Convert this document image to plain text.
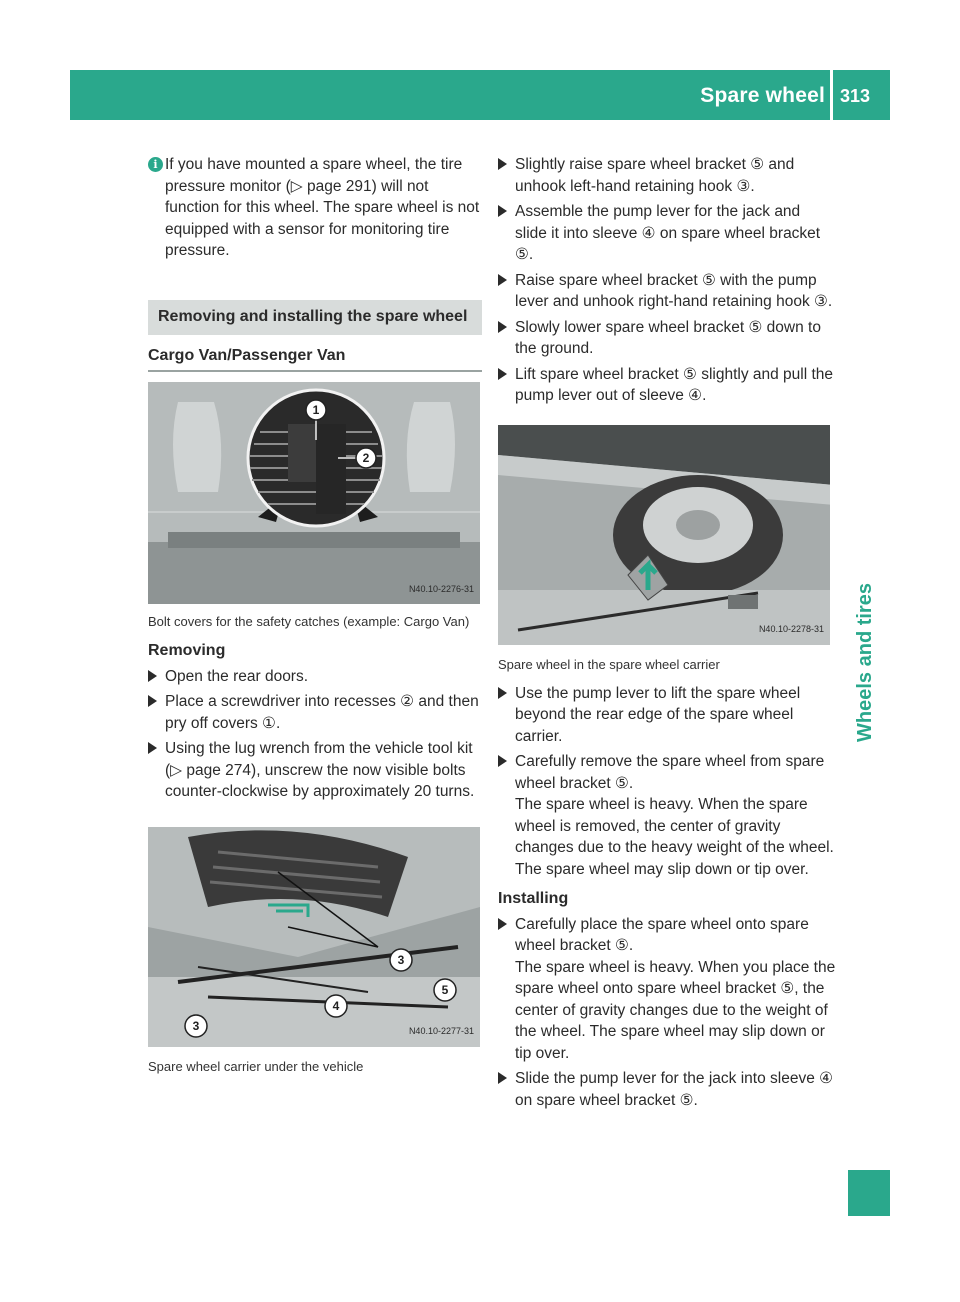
Spare wheel 313
Wheels and tires
i If you have mounted a spare wheel, the tire pressure monitor (▷ page 291) will not function for this wheel. The spare wheel is not equipped with a sensor for monitoring tire pressure.
Removing and installing the spare wheel
Cargo Van/Passenger Van
1
2
N40.10-2276-31
Bolt covers for the safety catches (example: Cargo Van)
Removing

Open the rear doors.

Place a screwdriver into recesses ② and then pry off covers ①.

Using the lug wrench from the vehicle tool kit (▷ page 274), unscrew the now visible bolts counter-clockwise by approximately 20 turns.

3
5
4
3	N40.10-2277-31
Spare wheel carrier under the vehicle

Slightly raise spare wheel bracket ⑤ and unhook left-hand retaining hook ③.

Assemble the pump lever for the jack and slide it into sleeve ④ on spare wheel bracket ⑤.

Raise spare wheel bracket ⑤ with the pump lever and unhook right-hand retaining hook ③.

Slowly lower spare wheel bracket ⑤ down to the ground.

Lift spare wheel bracket ⑤ slightly and pull the pump lever out of sleeve ④.

N40.10-2278-31
Spare wheel in the spare wheel carrier

Use the pump lever to lift the spare wheel beyond the rear edge of the spare wheel carrier.

Carefully remove the spare wheel from spare wheel bracket ⑤.
The spare wheel is heavy. When the spare wheel is removed, the center of gravity changes due to the heavy weight of the wheel. The spare wheel may slip down or tip over.

Installing

Carefully place the spare wheel onto spare wheel bracket ⑤.
The spare wheel is heavy. When you place the spare wheel onto spare wheel bracket ⑤, the center of gravity changes due to the weight of the wheel. The spare wheel may slip down or tip over.

Slide the pump lever for the jack into sleeve ④ on spare wheel bracket ⑤.
